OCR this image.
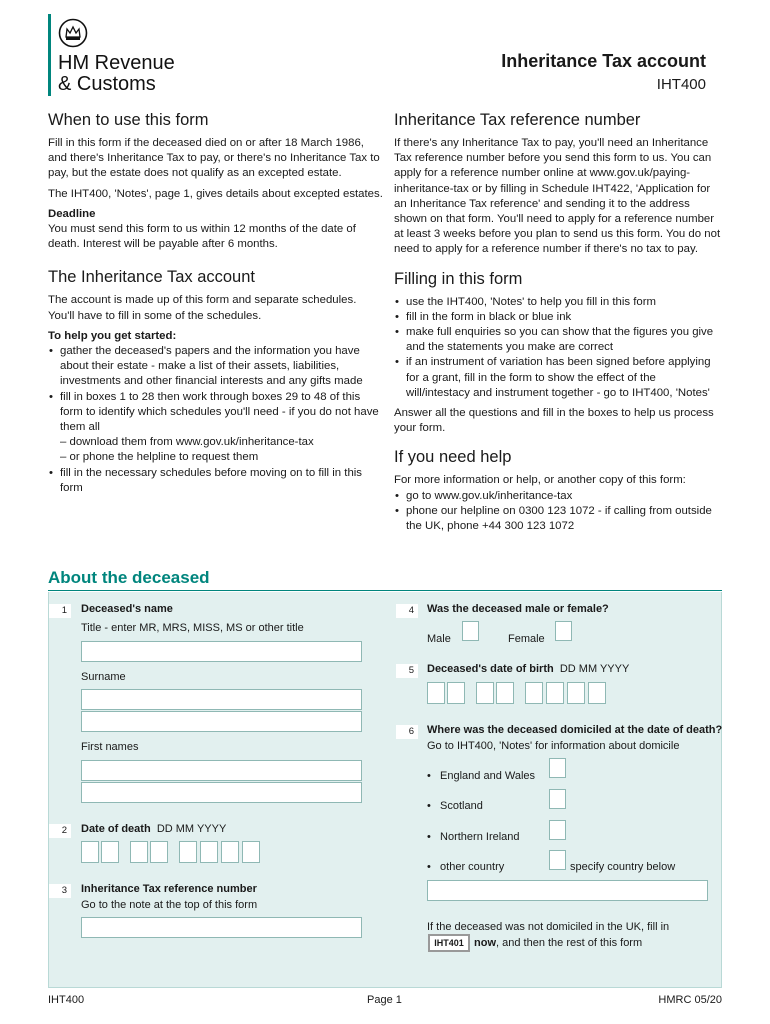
HM Revenue
& Customs
Inheritance Tax account
IHT400
When to use this form

Fill in this form if the deceased died on or after 18 March 1986, and there's Inheritance Tax to pay, or there's no Inheritance Tax to pay, but the estate does not qualify as an excepted estate.

The IHT400, 'Notes', page 1, gives details about excepted estates.

Deadline

You must send this form to us within 12 months of the date of death. Interest will be payable after 6 months.

The Inheritance Tax account

The account is made up of this form and separate schedules. You'll have to fill in some of the schedules.

To help you get started:
• gather the deceased's papers and the information you have about their estate - make a list of their assets, liabilities, investments and other financial interests and any gifts made
• fill in boxes 1 to 28 then work through boxes 29 to 48 of this form to identify which schedules you'll need - if you do not have them all
– download them from www.gov.uk/inheritance-tax
– or phone the helpline to request them
• fill in the necessary schedules before moving on to fill in this form
Inheritance Tax reference number

If there's any Inheritance Tax to pay, you'll need an Inheritance Tax reference number before you send this form to us. You can apply for a reference number online at www.gov.uk/paying-inheritance-tax or by filling in Schedule IHT422, 'Application for an Inheritance Tax reference' and sending it to the address shown on that form. You'll need to apply for a reference number at least 3 weeks before you plan to send us this form. You do not need to apply for a reference number if there's no tax to pay.

Filling in this form
• use the IHT400, 'Notes' to help you fill in this form
• fill in the form in black or blue ink
• make full enquiries so you can show that the figures you give and the statements you make are correct
• if an instrument of variation has been signed before applying for a grant, fill in the form to show the effect of the will/intestacy and instrument together - go to IHT400, 'Notes'

Answer all the questions and fill in the boxes to help us process your form.

If you need help

For more information or help, or another copy of this form:

• go to www.gov.uk/inheritance-tax
• phone our helpline on 0300 123 1072 - if calling from outside the UK, phone +44 300 123 1072
About the deceased
1	Deceased's name
Title - enter MR, MRS, MISS, MS or other title
Surname
First names
2	Date of death DD MM YYYY
3	Inheritance Tax reference number
Go to the note at the top of this form
4	Was the deceased male or female?
Male	Female
5	Deceased's date of birth DD MM YYYY
6	Where was the deceased domiciled at the date of death?
Go to IHT400, 'Notes' for information about domicile
•   England and Wales
•   Scotland
•   Northern Ireland
•   other country	specify country below
If the deceased was not domiciled in the UK, fill in
IHT401 now, and then the rest of this form
IHT400	Page 1	HMRC 05/20
